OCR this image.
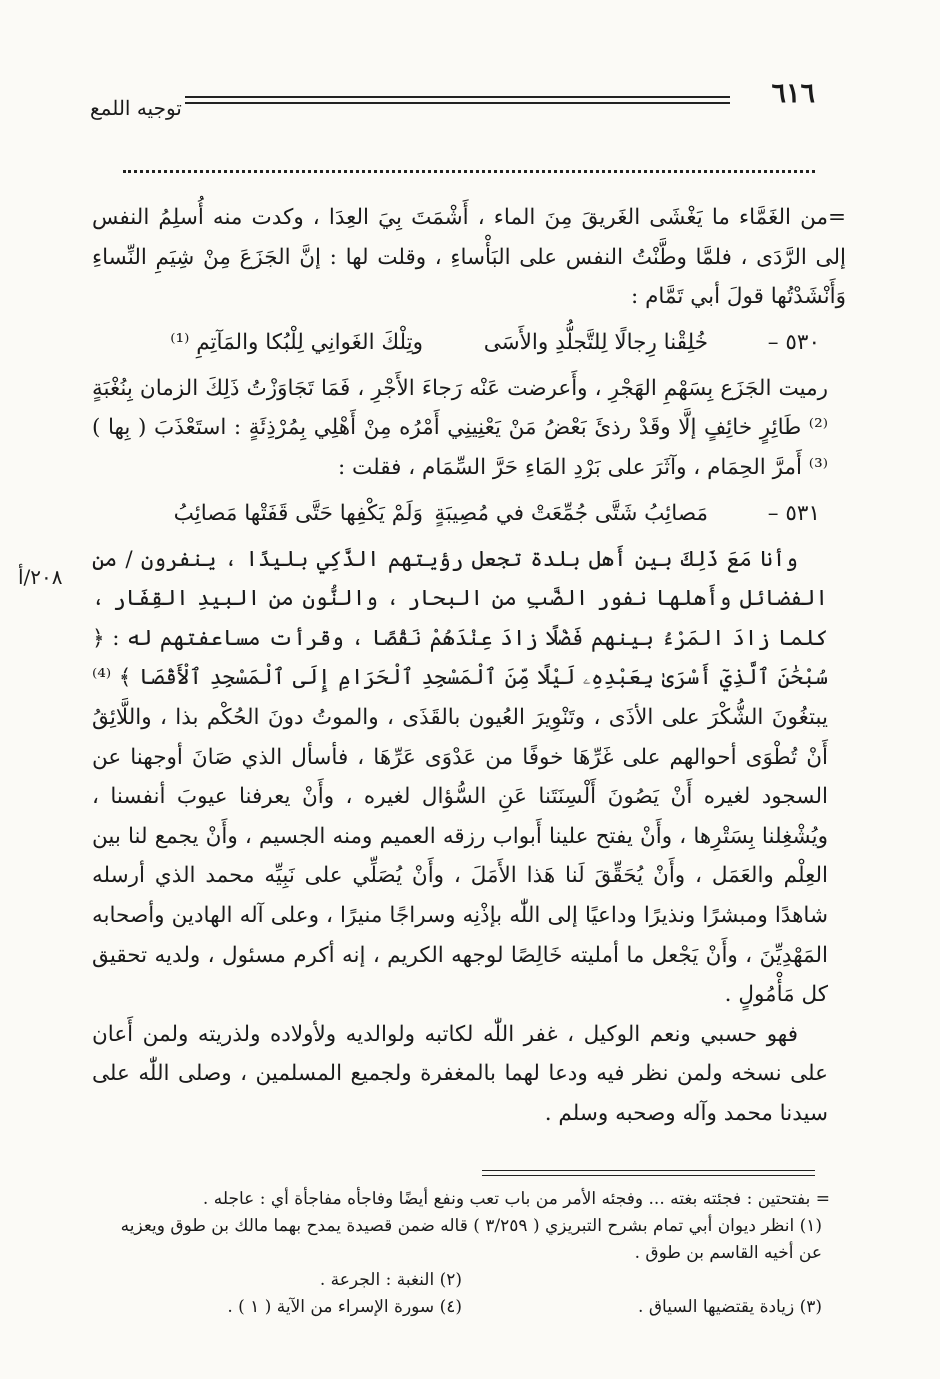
٦١٦
توجيه اللمع

=من الغَمَّاء ما يَغْشَى الغَريقَ مِنَ الماء ، أَشْمَتَ بِيَ العِدَا ، وكدت منه أُسلِمُ النفس إلى الرَّدَى ، فلمَّا وطَّنْتُ النفس على البَأْساءِ ، وقلت لها : إنَّ الجَزَعَ مِنْ شِيَمِ النِّساءِ وَأَنْشَدْتُها قولَ أبي تَمَّام :

٥٣٠ –
خُلِقْنا رِجالًا لِلتَّجلُّدِ والأَسَى
وتِلْكَ الغَوانِي لِلْبُكا والمَآتِمِ ⁽¹⁾

رميت الجَزَع بِسَهْمِ الهَجْرِ ، وأَعرضت عَنْه رَجاءَ الأَجْرِ ، فَمَا تَجَاوَزْتُ ذَلِكَ الزمان بِنُغْبَةٍ ⁽²⁾ طَائِرٍ خائِفٍ إلَّا وقَدْ رذئَ بَعْضُ مَنْ يَعْنِينِي أَمْرُه مِنْ أَهْلِي بِمُرْذِئَةٍ : استَعْذَبَ ( بِها ) ⁽³⁾ أَمرَّ الحِمَام ، وآثَرَ على بَرْدِ المَاءِ حَرَّ السِّمَام ، فقلت :

٥٣١ –
مَصائِبُ شَتَّى جُمِّعَتْ في مُصِيبَةٍ
وَلَمْ يَكْفِها حَتَّى قَفَتْها مَصائِبُ

وأنا مَعَ ذَلِكَ بين أَهل بلدة تجعل رؤيتهم الذَّكِي بليدًا ، ينفرون / من الفضائل وأَهلها نفور الضَّبِ من البحار ، والنُّون من البيدِ القِفَار ، كلما زادَ المَرْءُ بينهم فَضْلًا زادَ عِنْدَهُمْ نَقْصًا ، وقرأت مساعفتهم له : ﴿ سُبْحَٰنَ ٱلَّذِيٓ أَسْرَىٰ بِعَبْدِهِۦ لَيْلًا مِّنَ ٱلْمَسْجِدِ ٱلْحَرَامِ إِلَى ٱلْمَسْجِدِ ٱلْأَقْصَا ﴾ ⁽⁴⁾ يبتغُونَ الشُّكْرَ على الأذَى ، وتَنْوِيرَ العُيون بالقَذَى ، والموتُ دونَ الحُكْم بذا ، واللَّائِقُ أَنْ تُطْوَى أحوالهم على غَرِّهَا خوفًا من عَدْوَى عَرِّهَا ، فأسأل الذي صَانَ أوجهنا عن السجود لغيره أَنْ يَصُونَ أَلْسِنَتَنا عَنِ السُّؤال لغيره ، وأَنْ يعرفنا عيوبَ أنفسنا ، ويُشْغِلنا بِسَتْرِها ، وأَنْ يفتح علينا أَبواب رزقه العميم ومنه الجسيم ، وأَنْ يجمع لنا بين العِلْم والعَمَل ، وأَنْ يُحَقِّقَ لَنا هَذا الأَمَلَ ، وأَنْ يُصَلِّي على نَبِيِّه محمد الذي أرسله شاهدًا ومبشرًا ونذيرًا وداعيًا إلى اللّٰه بإذْنِه وسراجًا منيرًا ، وعلى آله الهادين وأصحابه المَهْدِيِّنَ ، وأَنْ يَجْعل ما أمليته خَالِصًا لوجهه الكريم ، إنه أكرم مسئول ، ولديه تحقيق كل مَأْمُولٍ .

فهو حسبي ونعم الوكيل ، غفر اللّٰه لكاتبه ولوالديه ولأولاده ولذريته ولمن أَعان على نسخه ولمن نظر فيه ودعا لهما بالمغفرة ولجميع المسلمين ، وصلى اللّٰه على سيدنا محمد وآله وصحبه وسلم .

٢٠٨/أ

= بفتحتين : فجئته بغته ... وفجئه الأمر من باب تعب ونفع أيضًا وفاجأه مفاجأة أي : عاجله .

(١) انظر ديوان أبي تمام بشرح التبريزي ( ٣/٢٥٩ ) قاله ضمن قصيدة يمدح بهما مالك بن طوق ويعزيه عن أخيه القاسم بن طوق .

(٢) النغبة : الجرعة .

(٣) زيادة يقتضيها السياق .
(٤) سورة الإسراء من الآية ( ١ ) .
